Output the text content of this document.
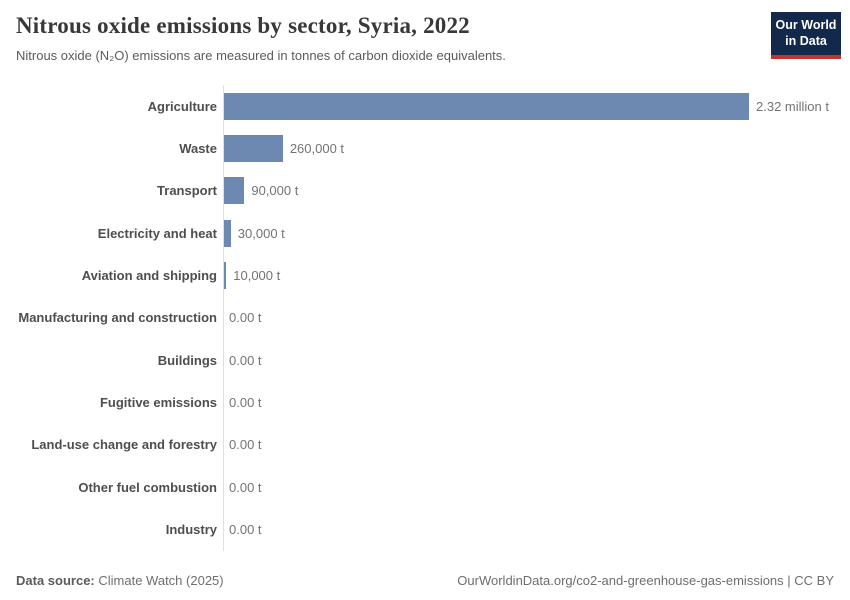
Nitrous oxide emissions by sector, Syria, 2022

Nitrous oxide (N₂O) emissions are measured in tonnes of carbon dioxide equivalents.

Our World
in Data
Agriculture	2.32 million t
Waste	260,000 t
Transport	90,000 t
Electricity and heat	30,000 t
Aviation and shipping	10,000 t
Manufacturing and construction 0.00 t
Buildings 0.00 t
Fugitive emissions 0.00 t
Land-use change and forestry 0.00 t
Other fuel combustion 0.00 t
Industry 0.00 t
Data source: Climate Watch (2025)	OurWorldinData.org/co2-and-greenhouse-gas-emissions | CC BY
